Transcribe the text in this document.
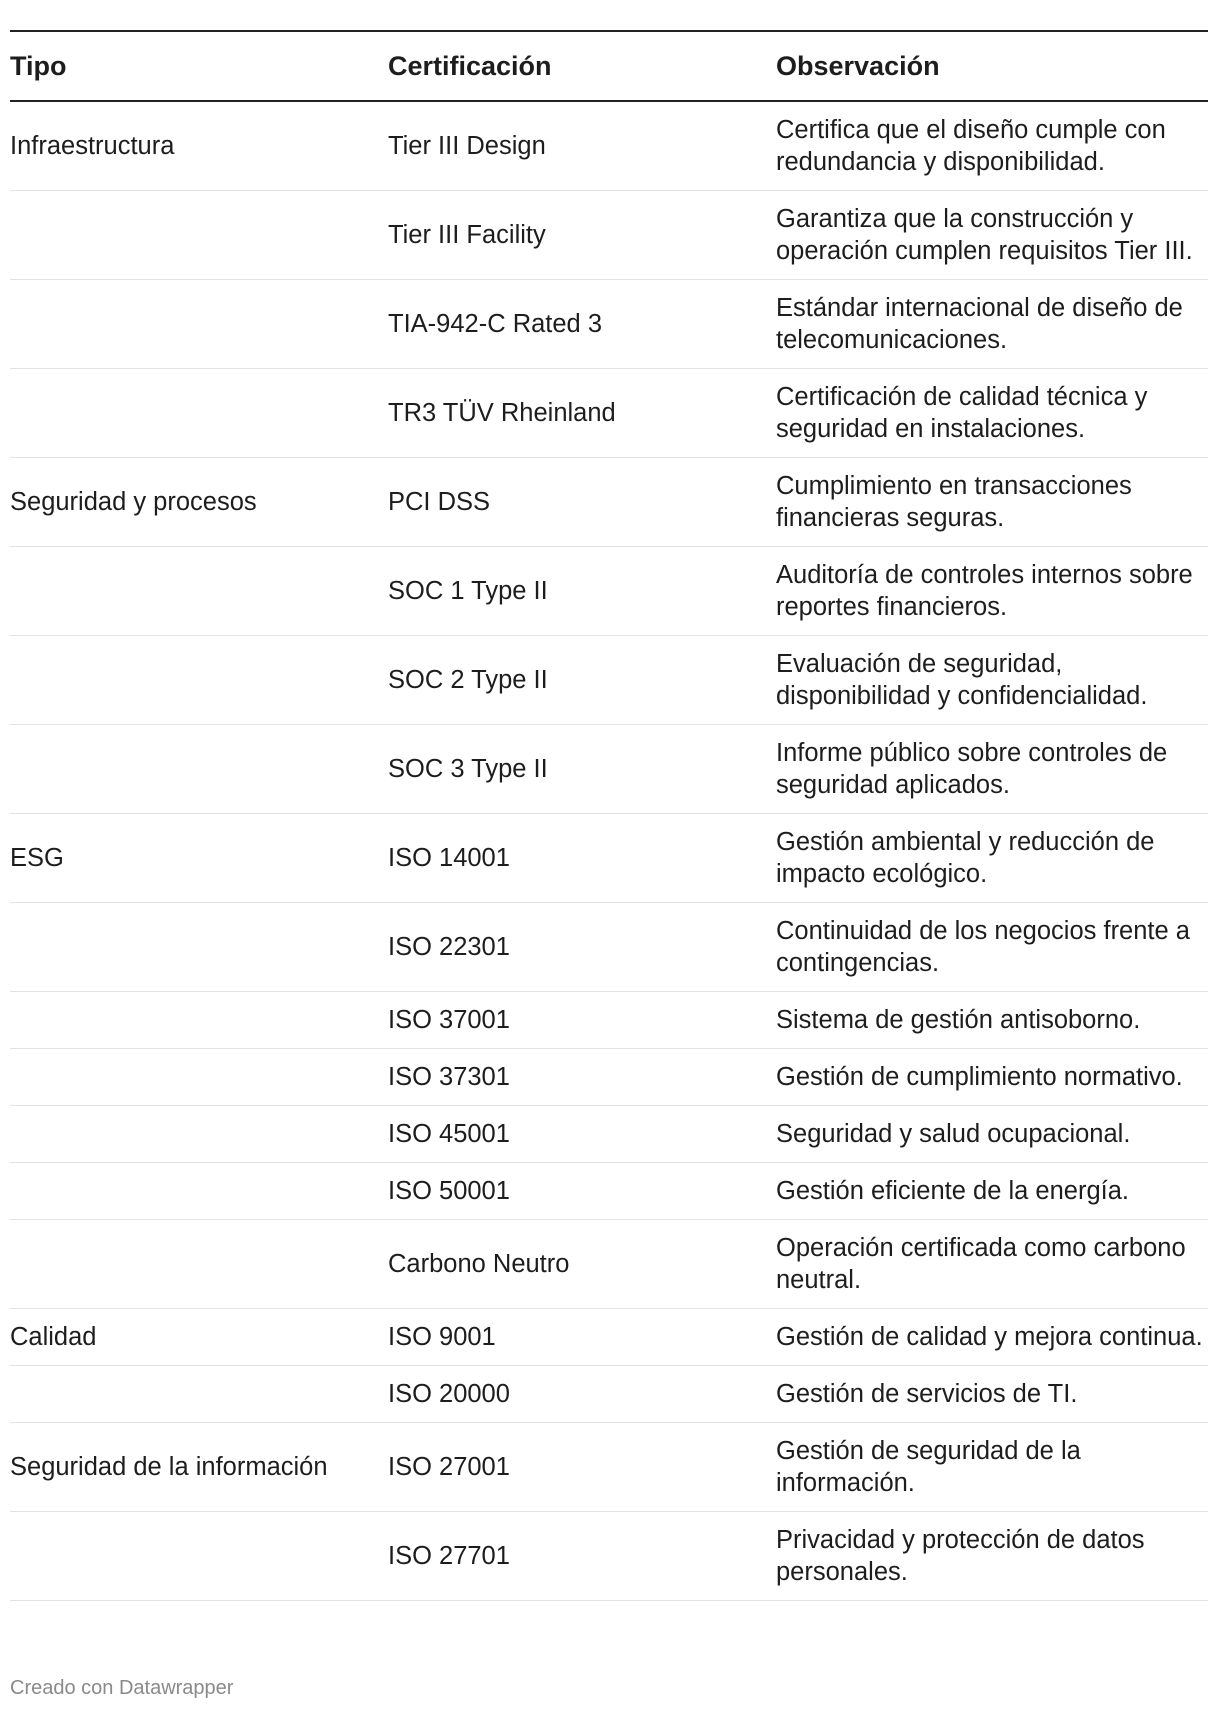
Tipo	Certificación	Observación
Infraestructura	Tier III Design	Certifica que el diseño cumple con redundancia y disponibilidad.
	Tier III Facility	Garantiza que la construcción y operación cumplen requisitos Tier III.
	TIA-942-C Rated 3	Estándar internacional de diseño de telecomunicaciones.
	TR3 TÜV Rheinland	Certificación de calidad técnica y seguridad en instalaciones.
Seguridad y procesos	PCI DSS	Cumplimiento en transacciones financieras seguras.
	SOC 1 Type II	Auditoría de controles internos sobre reportes financieros.
	SOC 2 Type II	Evaluación de seguridad, disponibilidad y confidencialidad.
	SOC 3 Type II	Informe público sobre controles de seguridad aplicados.
ESG	ISO 14001	Gestión ambiental y reducción de impacto ecológico.
	ISO 22301	Continuidad de los negocios frente a contingencias.
	ISO 37001	Sistema de gestión antisoborno.
	ISO 37301	Gestión de cumplimiento normativo.
	ISO 45001	Seguridad y salud ocupacional.
	ISO 50001	Gestión eficiente de la energía.
	Carbono Neutro	Operación certificada como carbono neutral.
Calidad	ISO 9001	Gestión de calidad y mejora continua.
	ISO 20000	Gestión de servicios de TI.
Seguridad de la información	ISO 27001	Gestión de seguridad de la información.
	ISO 27701	Privacidad y protección de datos personales.
Creado con Datawrapper
